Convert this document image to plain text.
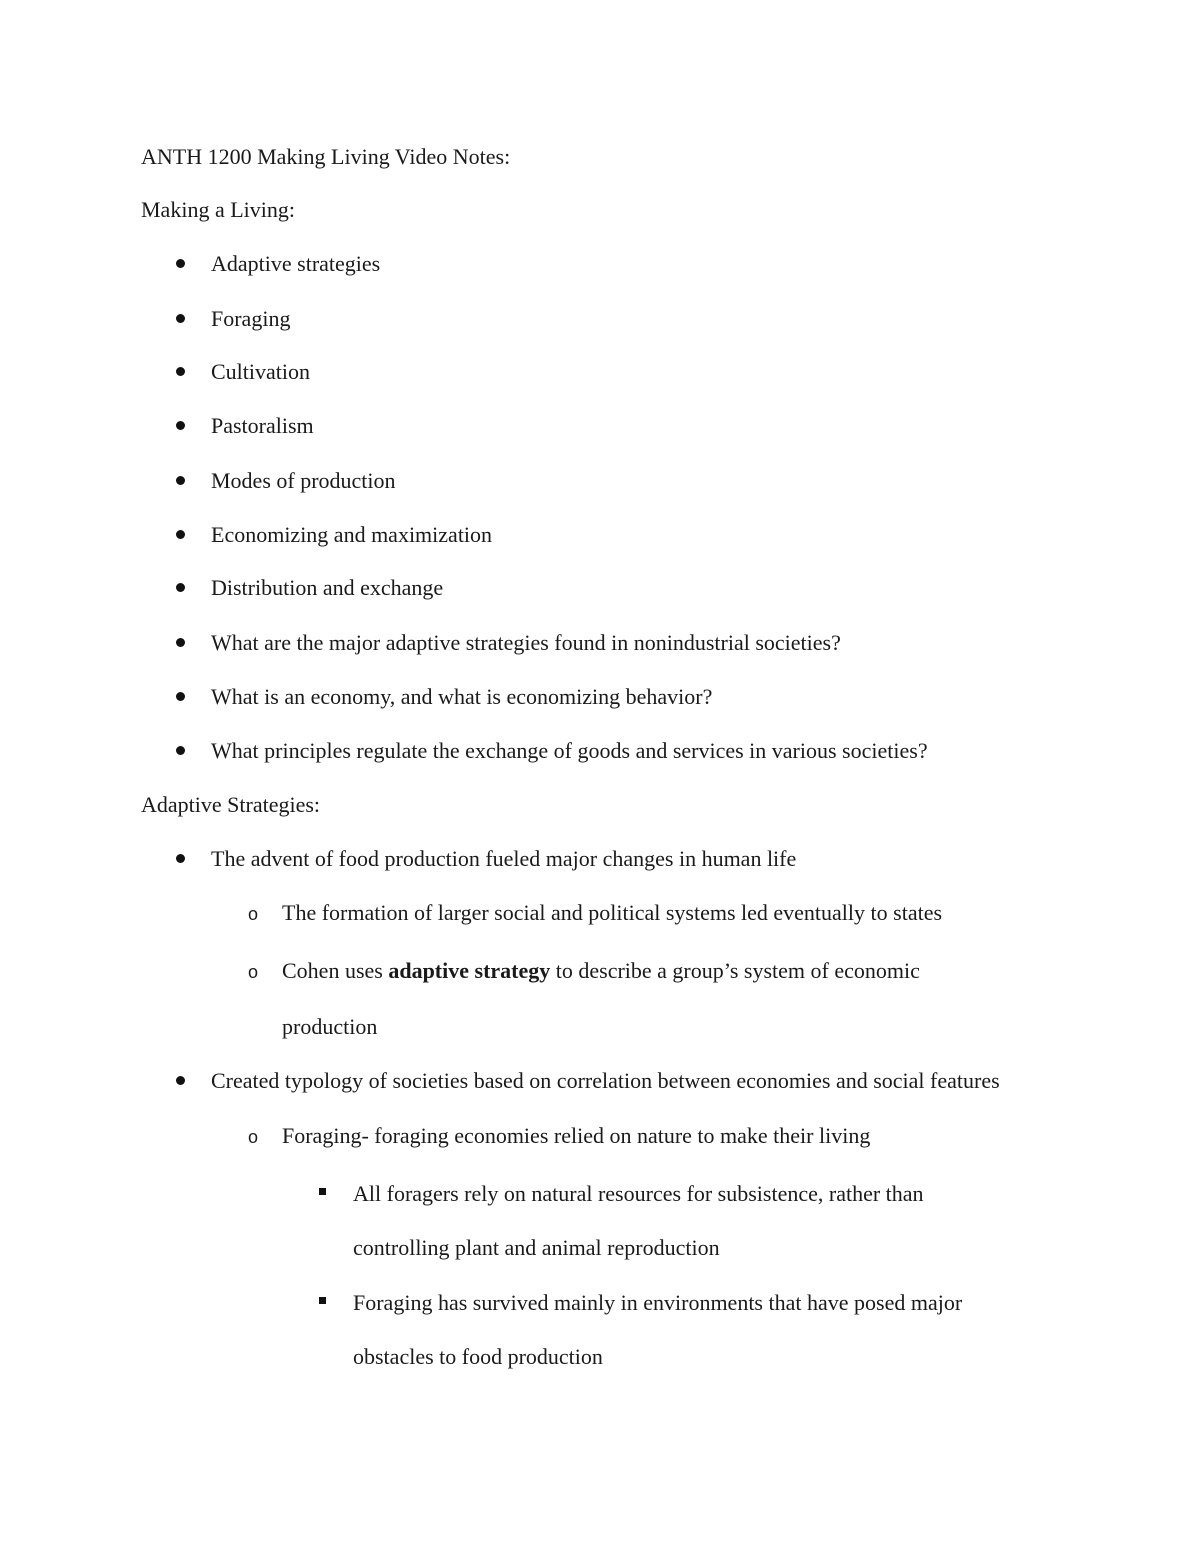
ANTH 1200 Making Living Video Notes:
Making a Living:
Adaptive strategies
Foraging
Cultivation
Pastoralism
Modes of production
Economizing and maximization
Distribution and exchange
What are the major adaptive strategies found in nonindustrial societies?
What is an economy, and what is economizing behavior?
What principles regulate the exchange of goods and services in various societies?
Adaptive Strategies:
The advent of food production fueled major changes in human life
o The formation of larger social and political systems led eventually to states
o Cohen uses adaptive strategy to describe a group’s system of economic
production
Created typology of societies based on correlation between economies and social features
o Foraging- foraging economies relied on nature to make their living
All foragers rely on natural resources for subsistence, rather than
controlling plant and animal reproduction
Foraging has survived mainly in environments that have posed major
obstacles to food production
